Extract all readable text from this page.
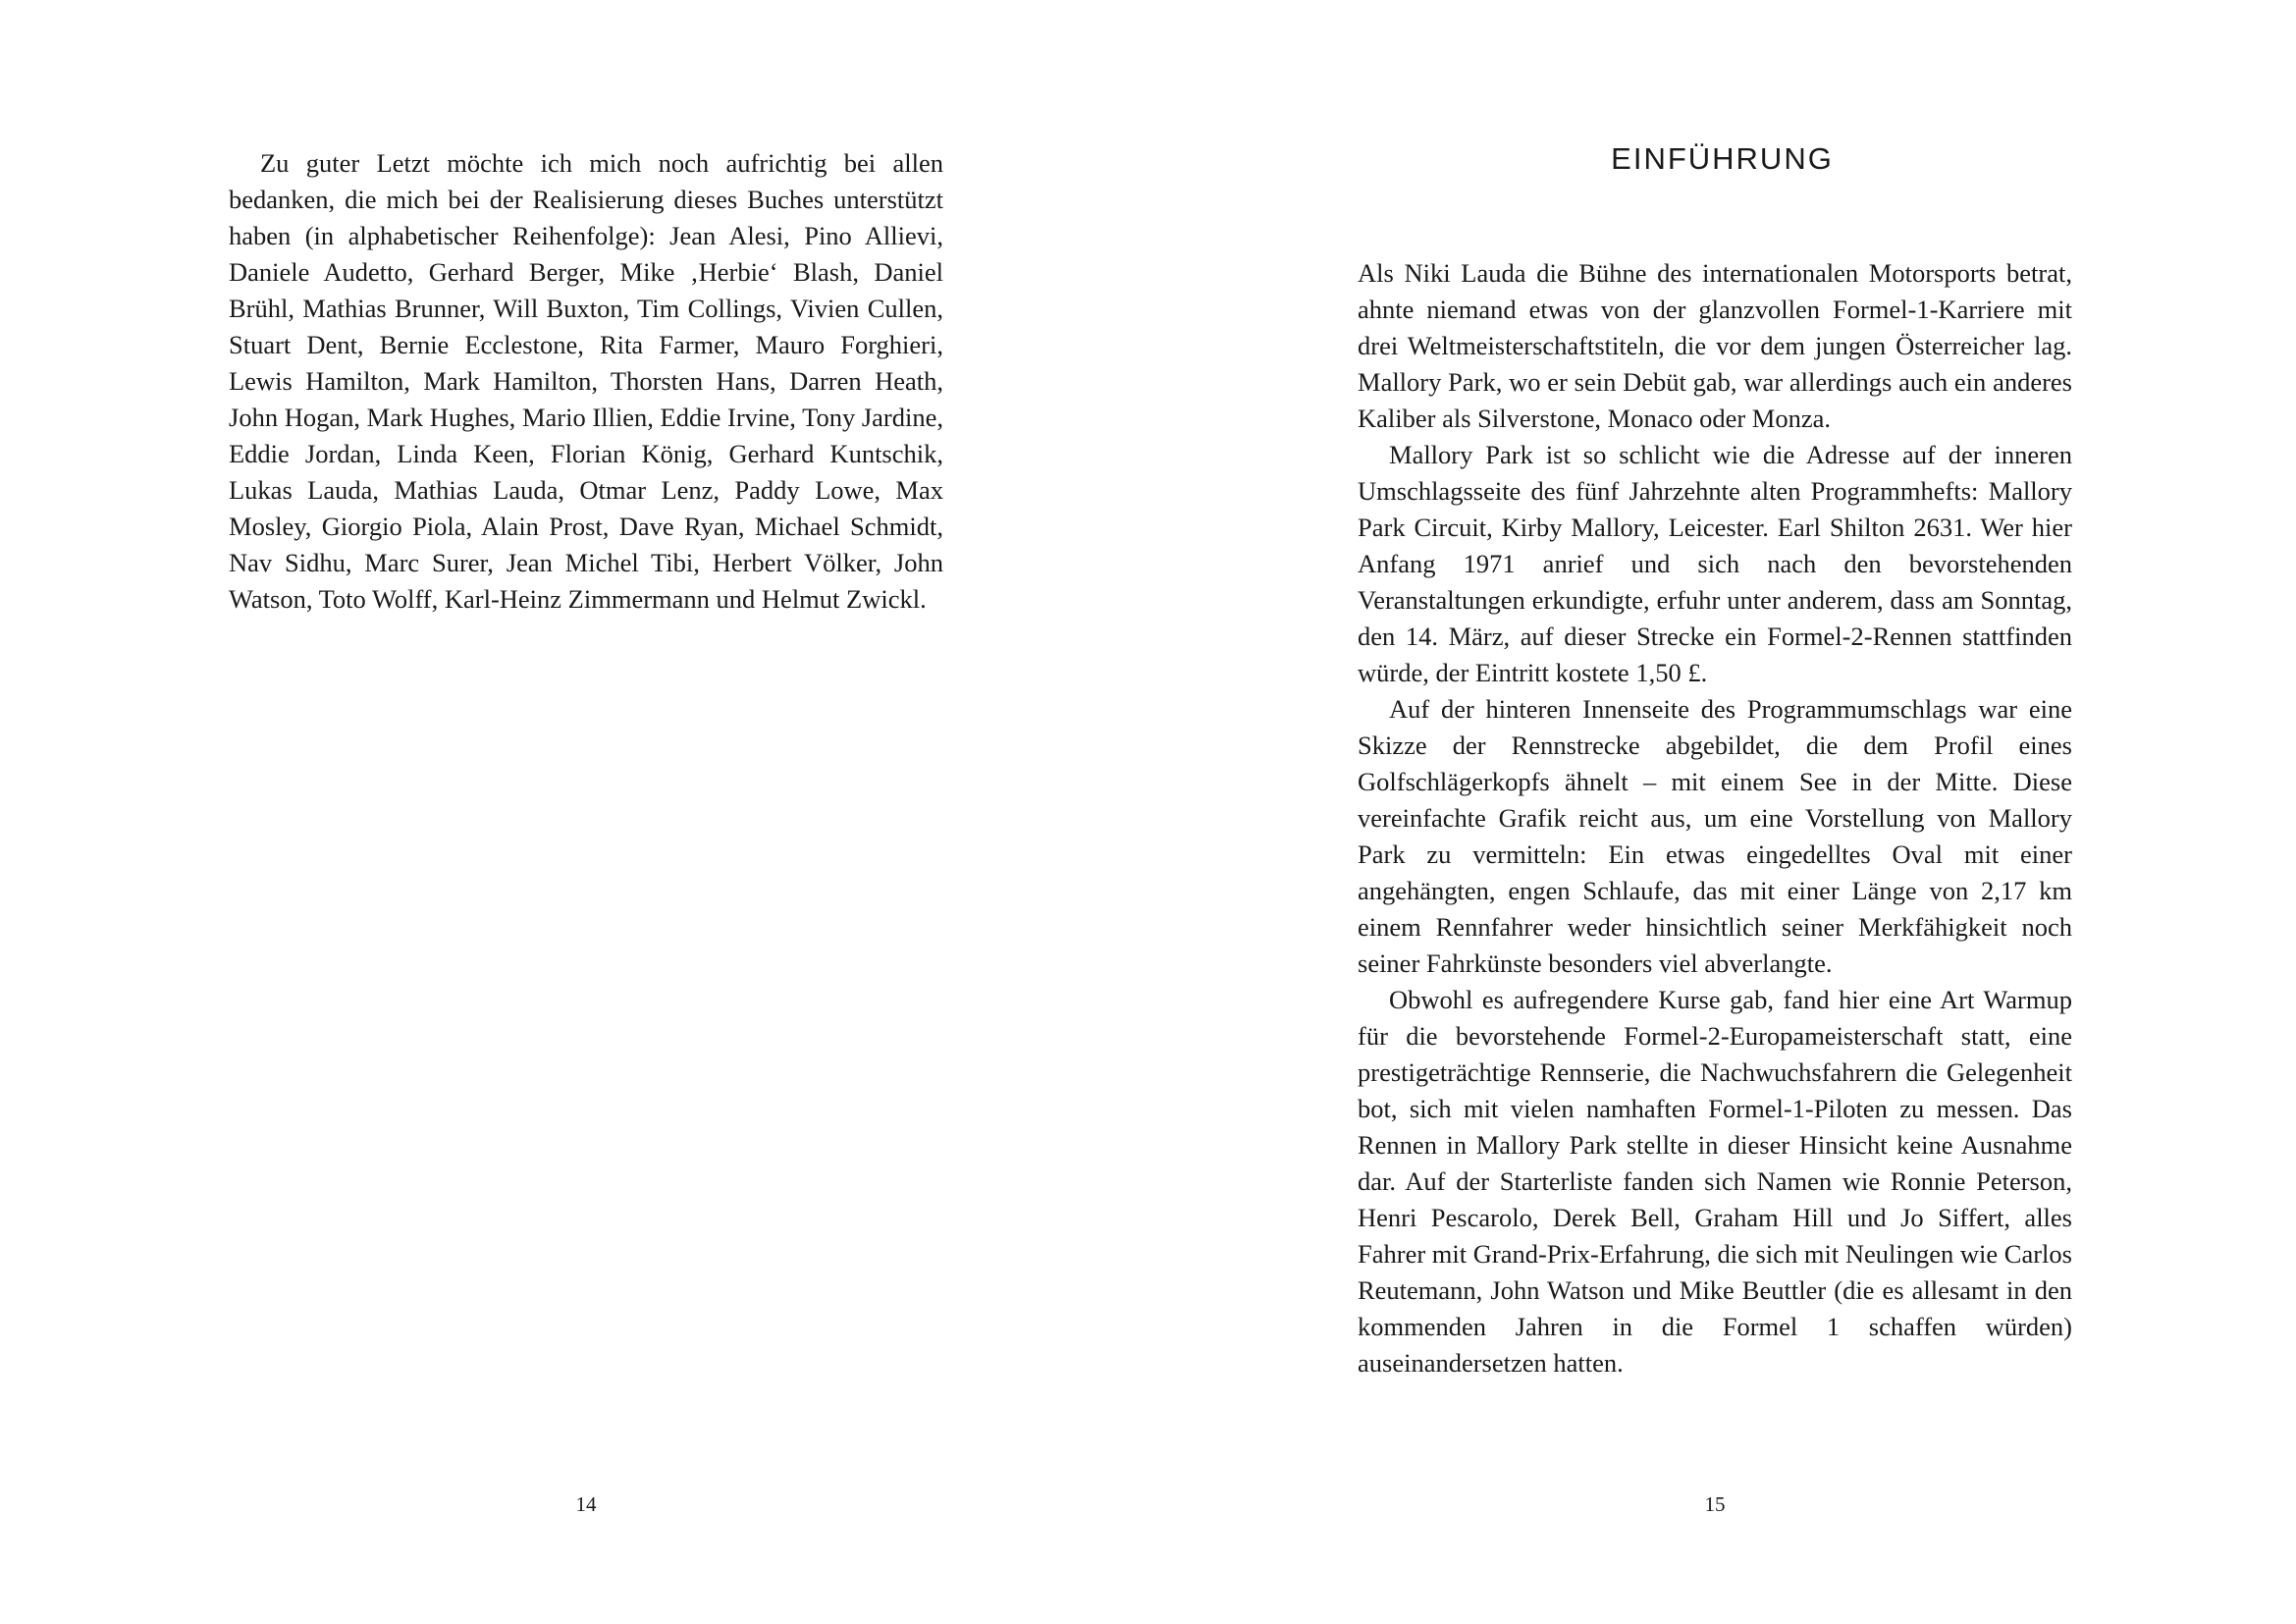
Zu guter Letzt möchte ich mich noch aufrichtig bei allen bedanken, die mich bei der Realisierung dieses Buches unterstützt haben (in alphabetischer Reihenfolge): Jean Alesi, Pino Allievi, Daniele Audetto, Gerhard Berger, Mike ‚Herbie‘ Blash, Daniel Brühl, Mathias Brunner, Will Buxton, Tim Collings, Vivien Cullen, Stuart Dent, Bernie Ecclestone, Rita Farmer, Mauro Forghieri, Lewis Hamilton, Mark Hamilton, Thorsten Hans, Darren Heath, John Hogan, Mark Hughes, Mario Illien, Eddie Irvine, Tony Jardine, Eddie Jordan, Linda Keen, Florian König, Gerhard Kuntschik, Lukas Lauda, Mathias Lauda, Otmar Lenz, Paddy Lowe, Max Mosley, Giorgio Piola, Alain Prost, Dave Ryan, Michael Schmidt, Nav Sidhu, Marc Surer, Jean Michel Tibi, Herbert Völker, John Watson, Toto Wolff, Karl-Heinz Zimmermann und Helmut Zwickl.

14
EINFÜHRUNG

Als Niki Lauda die Bühne des internationalen Motorsports betrat, ahnte niemand etwas von der glanzvollen Formel-1-Karriere mit drei Weltmeisterschaftstiteln, die vor dem jungen Österreicher lag. Mallory Park, wo er sein Debüt gab, war allerdings auch ein anderes Kaliber als Silverstone, Monaco oder Monza.

Mallory Park ist so schlicht wie die Adresse auf der inneren Umschlagsseite des fünf Jahrzehnte alten Programmhefts: Mallory Park Circuit, Kirby Mallory, Leicester. Earl Shilton 2631. Wer hier Anfang 1971 anrief und sich nach den bevorstehenden Veranstaltungen erkundigte, erfuhr unter anderem, dass am Sonntag, den 14. März, auf dieser Strecke ein Formel-2-Rennen stattfinden würde, der Eintritt kostete 1,50 £.

Auf der hinteren Innenseite des Programmumschlags war eine Skizze der Rennstrecke abgebildet, die dem Profil eines Golfschlägerkopfs ähnelt – mit einem See in der Mitte. Diese vereinfachte Grafik reicht aus, um eine Vorstellung von Mallory Park zu vermitteln: Ein etwas eingedelltes Oval mit einer angehängten, engen Schlaufe, das mit einer Länge von 2,17 km einem Rennfahrer weder hinsichtlich seiner Merkfähigkeit noch seiner Fahrkünste besonders viel abverlangte.

Obwohl es aufregendere Kurse gab, fand hier eine Art Warmup für die bevorstehende Formel-2-Europameisterschaft statt, eine prestigeträchtige Rennserie, die Nachwuchsfahrern die Gelegenheit bot, sich mit vielen namhaften Formel-1-Piloten zu messen. Das Rennen in Mallory Park stellte in dieser Hinsicht keine Ausnahme dar. Auf der Starterliste fanden sich Namen wie Ronnie Peterson, Henri Pescarolo, Derek Bell, Graham Hill und Jo Siffert, alles Fahrer mit Grand-Prix-Erfahrung, die sich mit Neulingen wie Carlos Reutemann, John Watson und Mike Beuttler (die es allesamt in den kommenden Jahren in die Formel 1 schaffen würden) auseinandersetzen hatten.

15
